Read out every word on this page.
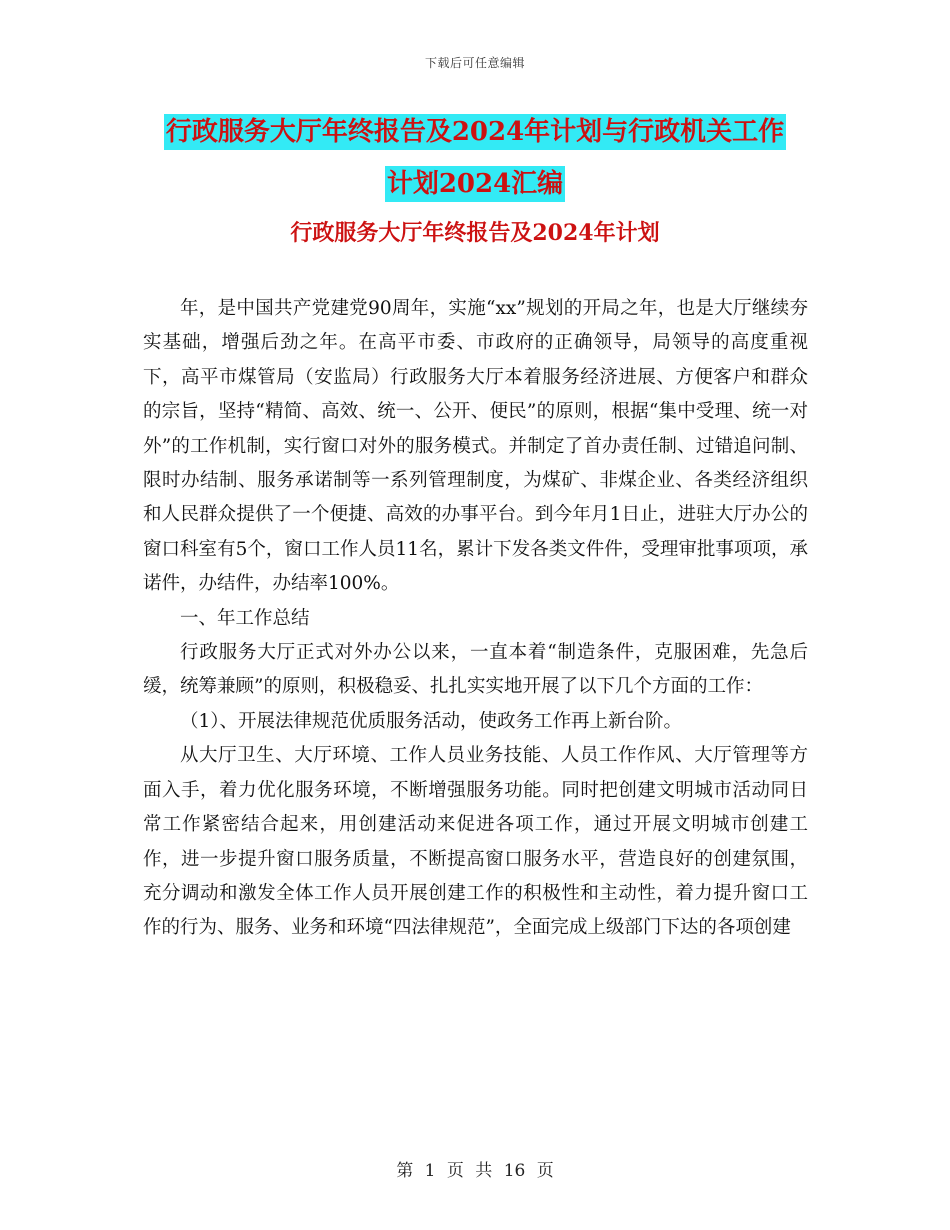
下载后可任意编辑
行政服务大厅年终报告及2024年计划与行政机关工作
计划2024汇编
行政服务大厅年终报告及2024年计划

年，是中国共产党建党90周年，实施“xx”规划的开局之年，也是大厅继续夯实基础，增强后劲之年。在高平市委、市政府的正确领导，局领导的高度重视下，高平市煤管局（安监局）行政服务大厅本着服务经济进展、方便客户和群众的宗旨，坚持“精简、高效、统一、公开、便民”的原则，根据“集中受理、统一对外”的工作机制，实行窗口对外的服务模式。并制定了首办责任制、过错追问制、限时办结制、服务承诺制等一系列管理制度，为煤矿、非煤企业、各类经济组织和人民群众提供了一个便捷、高效的办事平台。到今年月1日止，进驻大厅办公的窗口科室有5个，窗口工作人员11名，累计下发各类文件件，受理审批事项项，承诺件，办结件，办结率100%。

一、年工作总结

行政服务大厅正式对外办公以来，一直本着“制造条件，克服困难，先急后缓，统筹兼顾”的原则，积极稳妥、扎扎实实地开展了以下几个方面的工作：

（1）、开展法律规范优质服务活动，使政务工作再上新台阶。

从大厅卫生、大厅环境、工作人员业务技能、人员工作作风、大厅管理等方面入手，着力优化服务环境，不断增强服务功能。同时把创建文明城市活动同日常工作紧密结合起来，用创建活动来促进各项工作，通过开展文明城市创建工作，进一步提升窗口服务质量，不断提高窗口服务水平，营造良好的创建氛围，充分调动和激发全体工作人员开展创建工作的积极性和主动性，着力提升窗口工作的行为、服务、业务和环境“四法律规范”，全面完成上级部门下达的各项创建

第 1 页 共 16 页
